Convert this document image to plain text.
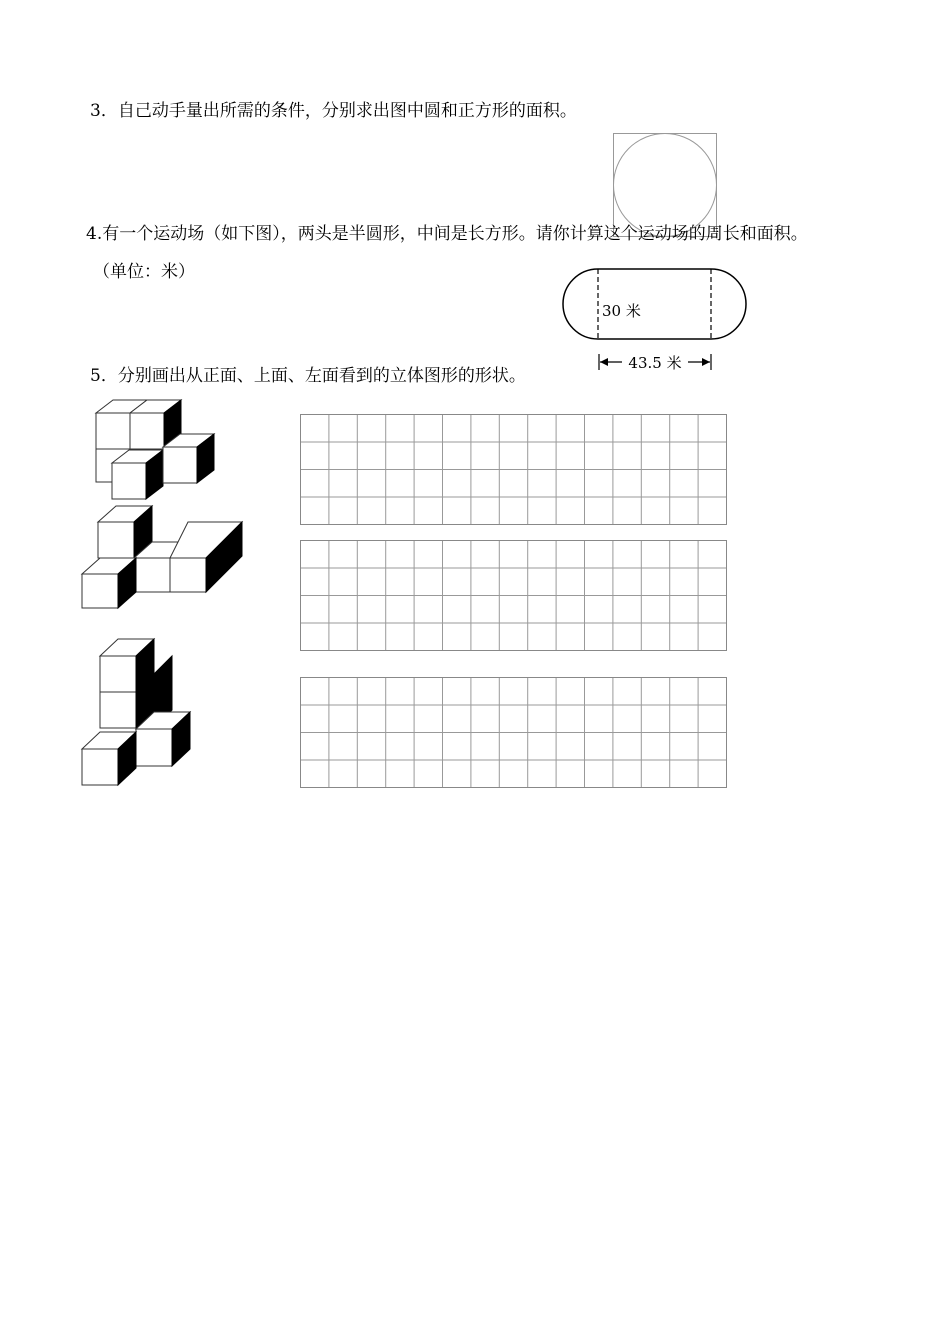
3．自己动手量出所需的条件，分别求出图中圆和正方形的面积。
4.有一个运动场（如下图），两头是半圆形，中间是长方形。请你计算这个运动场的周长和面积。
（单位：米）
30 米
43.5 米
5．分别画出从正面、上面、左面看到的立体图形的形状。
